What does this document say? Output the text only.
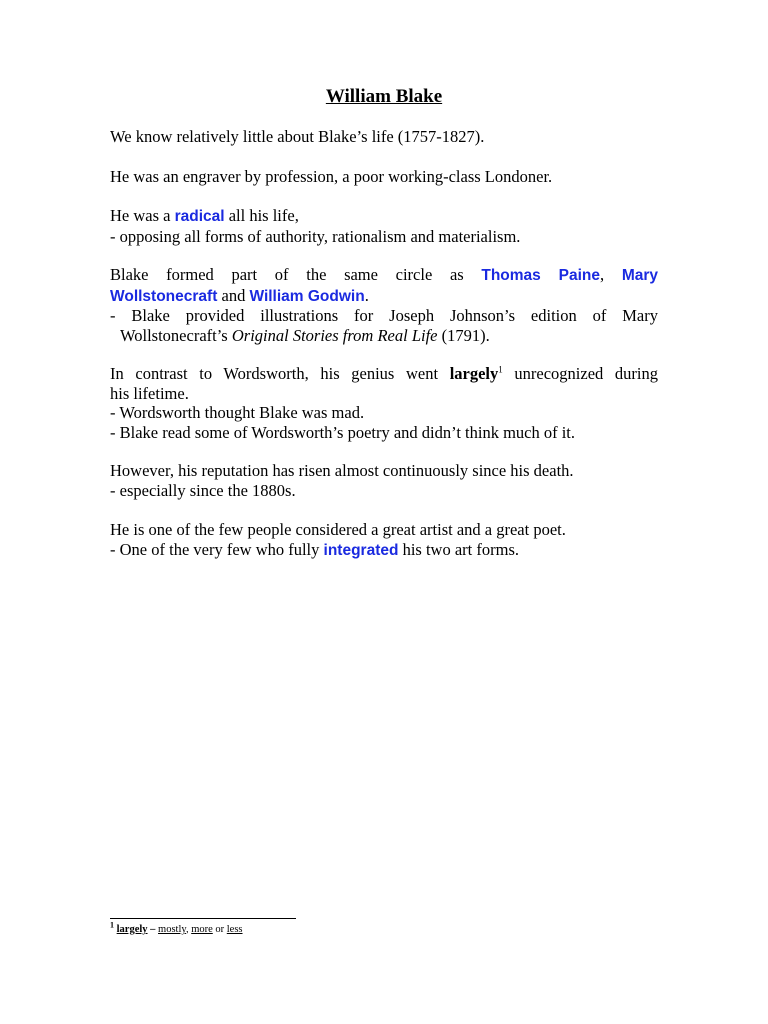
William Blake

We know relatively little about Blake’s life (1757-1827).

He was an engraver by profession, a poor working-class Londoner.

He was a radical all his life,
- opposing all forms of authority, rationalism and materialism.

Blake formed part of the same circle as Thomas Paine, Mary
Wollstonecraft and William Godwin.
- Blake provided illustrations for Joseph Johnson’s edition of Mary
Wollstonecraft’s Original Stories from Real Life (1791).

In contrast to Wordsworth, his genius went largely$^1$ unrecognized during
his lifetime.
- Wordsworth thought Blake was mad.
- Blake read some of Wordsworth’s poetry and didn’t think much of it.

However, his reputation has risen almost continuously since his death.
- especially since the 1880s.

He is one of the few people considered a great artist and a great poet.
- One of the very few who fully integrated his two art forms.

$^1$ largely – mostly, more or less
